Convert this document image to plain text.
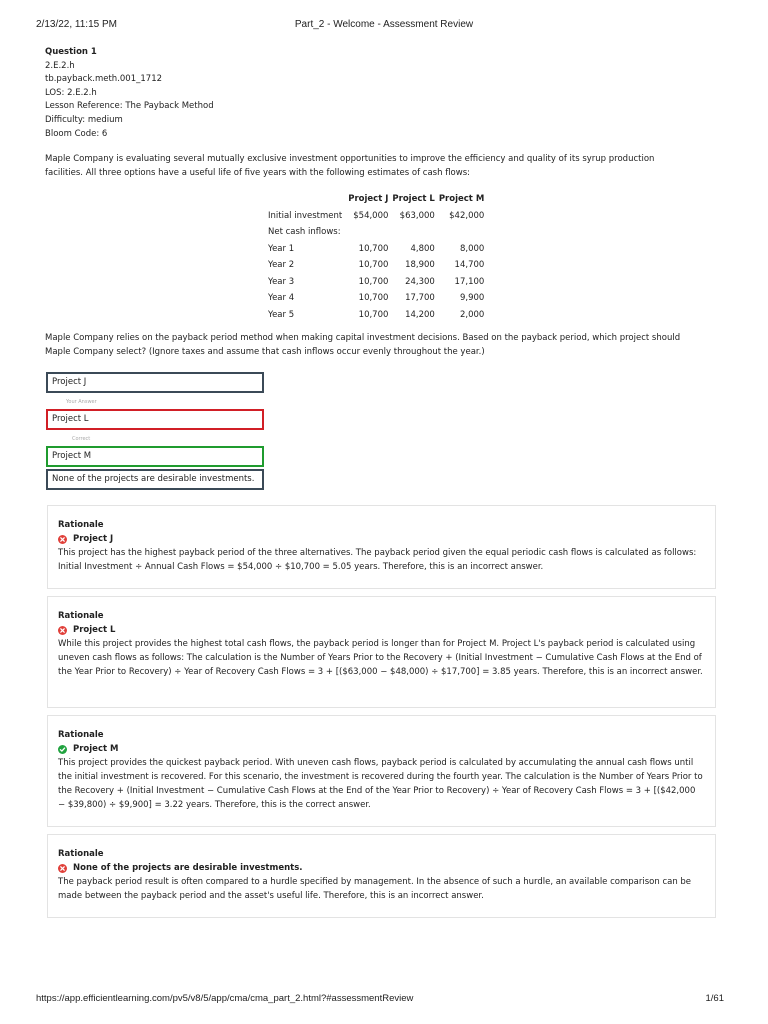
2/13/22, 11:15 PM	Part_2 - Welcome - Assessment Review
Question 1
2.E.2.h
tb.payback.meth.001_1712
LOS: 2.E.2.h
Lesson Reference: The Payback Method
Difficulty: medium
Bloom Code: 6
Maple Company is evaluating several mutually exclusive investment opportunities to improve the efficiency and quality of its syrup production facilities. All three options have a useful life of five years with the following estimates of cash flows:
	Project J	Project L	Project M
Initial investment	$54,000	$63,000	$42,000
Net cash inflows:			
Year 1	10,700	4,800	8,000
Year 2	10,700	18,900	14,700
Year 3	10,700	24,300	17,100
Year 4	10,700	17,700	9,900
Year 5	10,700	14,200	2,000
Maple Company relies on the payback period method when making capital investment decisions. Based on the payback period, which project should Maple Company select? (Ignore taxes and assume that cash inflows occur evenly throughout the year.)
Project J
Your Answer
Project L
Correct
Project M
None of the projects are desirable investments.
Rationale
Project J
This project has the highest payback period of the three alternatives. The payback period given the equal periodic cash flows is calculated as follows: Initial Investment ÷ Annual Cash Flows = $54,000 ÷ $10,700 = 5.05 years. Therefore, this is an incorrect answer.
Rationale
Project L
While this project provides the highest total cash flows, the payback period is longer than for Project M. Project L's payback period is calculated using uneven cash flows as follows: The calculation is the Number of Years Prior to the Recovery + (Initial Investment − Cumulative Cash Flows at the End of the Year Prior to Recovery) ÷ Year of Recovery Cash Flows = 3 + [($63,000 − $48,000) ÷ $17,700] = 3.85 years. Therefore, this is an incorrect answer.
Rationale
Project M
This project provides the quickest payback period. With uneven cash flows, payback period is calculated by accumulating the annual cash flows until the initial investment is recovered. For this scenario, the investment is recovered during the fourth year. The calculation is the Number of Years Prior to the Recovery + (Initial Investment − Cumulative Cash Flows at the End of the Year Prior to Recovery) ÷ Year of Recovery Cash Flows = 3 + [($42,000 − $39,800) ÷ $9,900] = 3.22 years. Therefore, this is the correct answer.
Rationale
None of the projects are desirable investments.
The payback period result is often compared to a hurdle specified by management. In the absence of such a hurdle, an available comparison can be made between the payback period and the asset's useful life. Therefore, this is an incorrect answer.
https://app.efficientlearning.com/pv5/v8/5/app/cma/cma_part_2.html?#assessmentReview	1/61
